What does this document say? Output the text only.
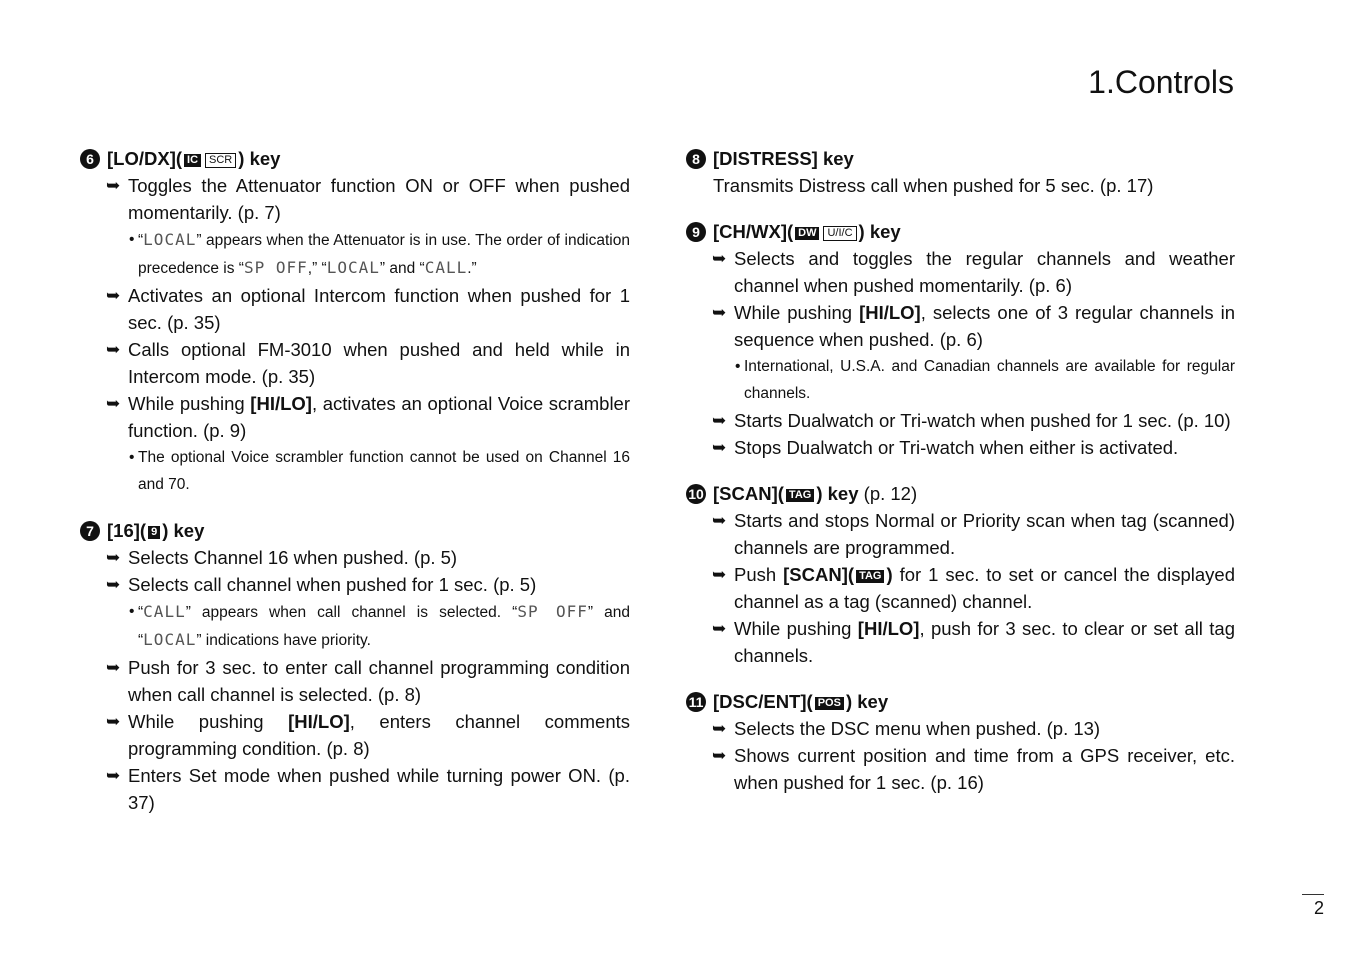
1.Controls
6 [LO/DX]( IC SCR ) key

➥ Toggles the Attenuator function ON or OFF when pushed momentarily. (p. 7)

• “LOCAL” appears when the Attenuator is in use. The order of indication precedence is “SP OFF,” “LOCAL” and “CALL.”

➥ Activates an optional Intercom function when pushed for 1 sec. (p. 35)

➥ Calls optional FM-3010 when pushed and held while in Intercom mode. (p. 35)

➥ While pushing [HI/LO], activates an optional Voice scrambler function. (p. 9)

• The optional Voice scrambler function cannot be used on Channel 16 and 70.

7 [16]( 9 ) key

➥ Selects Channel 16 when pushed. (p. 5)

➥ Selects call channel when pushed for 1 sec. (p. 5)

• “CALL” appears when call channel is selected. “SP OFF” and “LOCAL” indications have priority.

➥ Push for 3 sec. to enter call channel programming condition when call channel is selected. (p. 8)

➥ While pushing [HI/LO], enters channel comments programming condition. (p. 8)

➥ Enters Set mode when pushed while turning power ON. (p. 37)

8 [DISTRESS] key

Transmits Distress call when pushed for 5 sec. (p. 17)

9 [CH/WX]( DW U/I/C ) key

➥ Selects and toggles the regular channels and weather channel when pushed momentarily. (p. 6)

➥ While pushing [HI/LO], selects one of 3 regular channels in sequence when pushed. (p. 6)

• International, U.S.A. and Canadian channels are available for regular channels.

➥ Starts Dualwatch or Tri-watch when pushed for 1 sec. (p. 10)

➥ Stops Dualwatch or Tri-watch when either is activated.

10 [SCAN]( TAG ) key (p. 12)

➥ Starts and stops Normal or Priority scan when tag (scanned) channels are programmed.

➥ Push [SCAN]( TAG ) for 1 sec. to set or cancel the displayed channel as a tag (scanned) channel.

➥ While pushing [HI/LO], push for 3 sec. to clear or set all tag channels.

11 [DSC/ENT]( POS ) key

➥ Selects the DSC menu when pushed. (p. 13)

➥ Shows current position and time from a GPS receiver, etc. when pushed for 1 sec. (p. 16)

2
